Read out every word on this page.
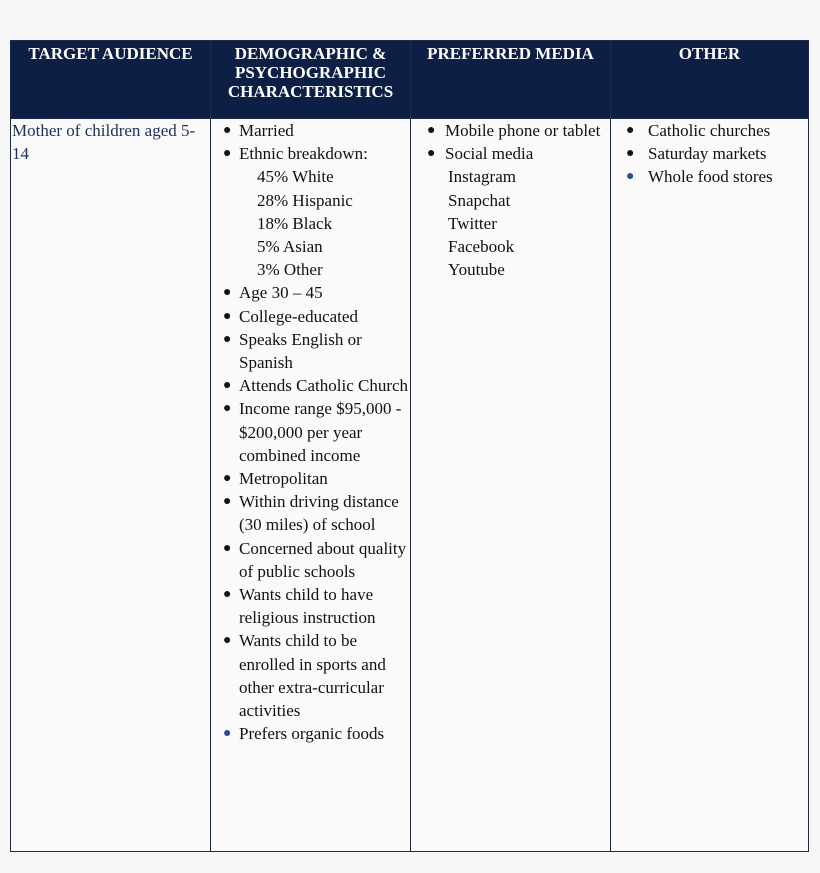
TARGET AUDIENCE	DEMOGRAPHIC &
PSYCHOGRAPHIC
CHARACTERISTICS
PREFERRED MEDIA	OTHER
Mother of children aged 5-14
● Married
● Ethnic breakdown:
45% White
28% Hispanic
18% Black
5% Asian
3% Other
● Age 30 – 45
● College-educated
● Speaks English or Spanish
● Attends Catholic Church
● Income range $95,000 - $200,000 per year combined income
● Metropolitan
● Within driving distance (30 miles) of school
● Concerned about quality of public schools
● Wants child to have religious instruction
● Wants child to be enrolled in sports and other extra-curricular activities
● Prefers organic foods
● Mobile phone or tablet
● Social media
Instagram
Snapchat
Twitter
Facebook
Youtube
● Catholic churches
● Saturday markets
● Whole food stores
